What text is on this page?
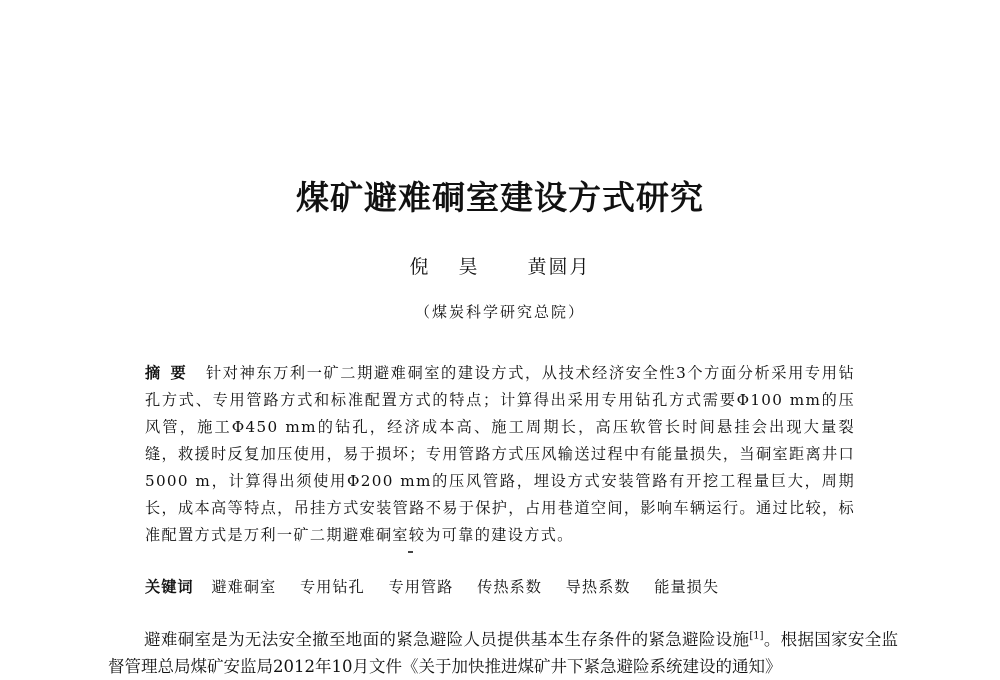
煤矿避难硐室建设方式研究
倪 昊 黄圆月
（煤炭科学研究总院）
摘要 针对神东万利一矿二期避难硐室的建设方式，从技术经济安全性3个方面分析采用专用钻孔方式、专用管路方式和标准配置方式的特点；计算得出采用专用钻孔方式需要Φ100 mm的压风管，施工Φ450 mm的钻孔，经济成本高、施工周期长，高压软管长时间悬挂会出现大量裂缝，救援时反复加压使用，易于损坏；专用管路方式压风输送过程中有能量损失，当硐室距离井口5000 m，计算得出须使用Φ200 mm的压风管路，埋设方式安装管路有开挖工程量巨大，周期长，成本高等特点，吊挂方式安装管路不易于保护，占用巷道空间，影响车辆运行。通过比较，标准配置方式是万利一矿二期避难硐室较为可靠的建设方式。
关键词 避难硐室 专用钻孔 专用管路 传热系数 导热系数 能量损失
避难硐室是为无法安全撤至地面的紧急避险人员提供基本生存条件的紧急避险设施[1]。根据国家安全监督管理总局煤矿安监局2012年10月文件《关于加快推进煤矿井下紧急避险系统建设的通知》
